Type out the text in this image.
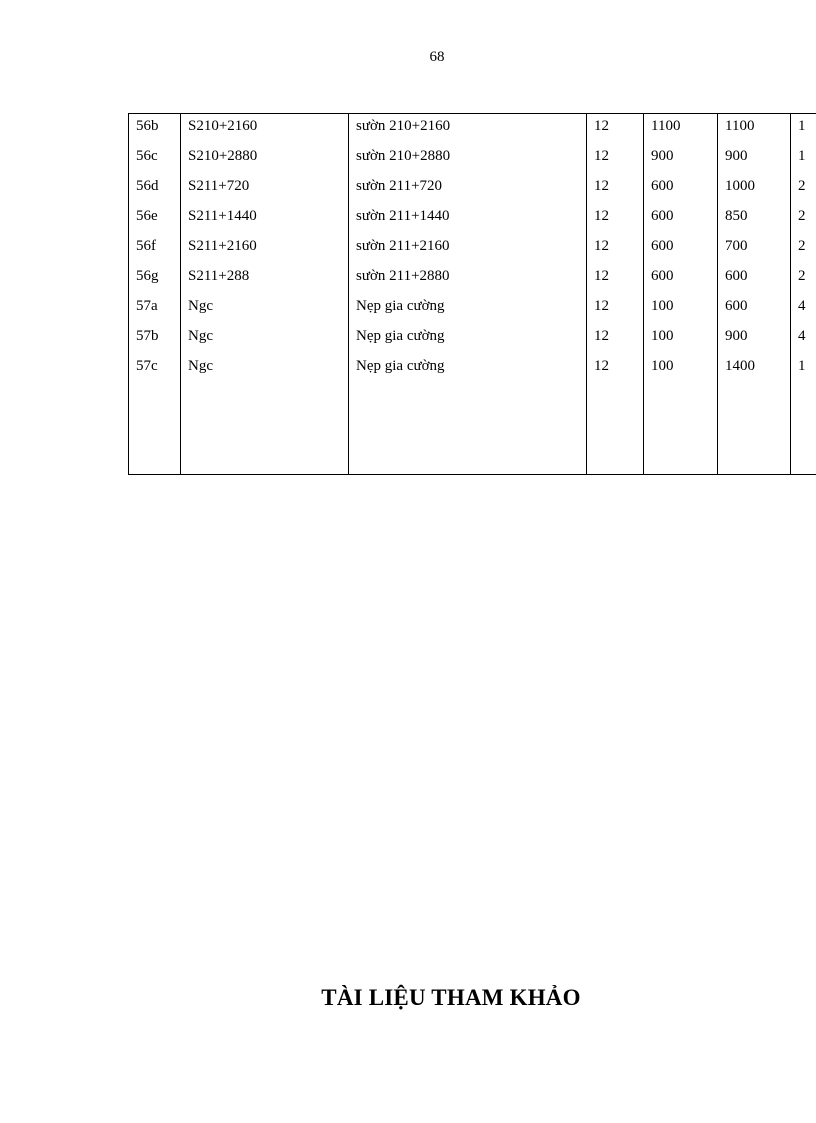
68
56b	S210+2160	sườn 210+2160	12	1100	1100	1
56c	S210+2880	sườn 210+2880	12	900	900	1
56d	S211+720	sườn 211+720	12	600	1000	2
56e	S211+1440	sườn 211+1440	12	600	850	2
56f	S211+2160	sườn 211+2160	12	600	700	2
56g	S211+288	sườn 211+2880	12	600	600	2
57a	Ngc	Nẹp gia cường	12	100	600	4
57b	Ngc	Nẹp gia cường	12	100	900	4
57c	Ngc	Nẹp gia cường	12	100	1400	1

TÀI LIỆU THAM KHẢO
